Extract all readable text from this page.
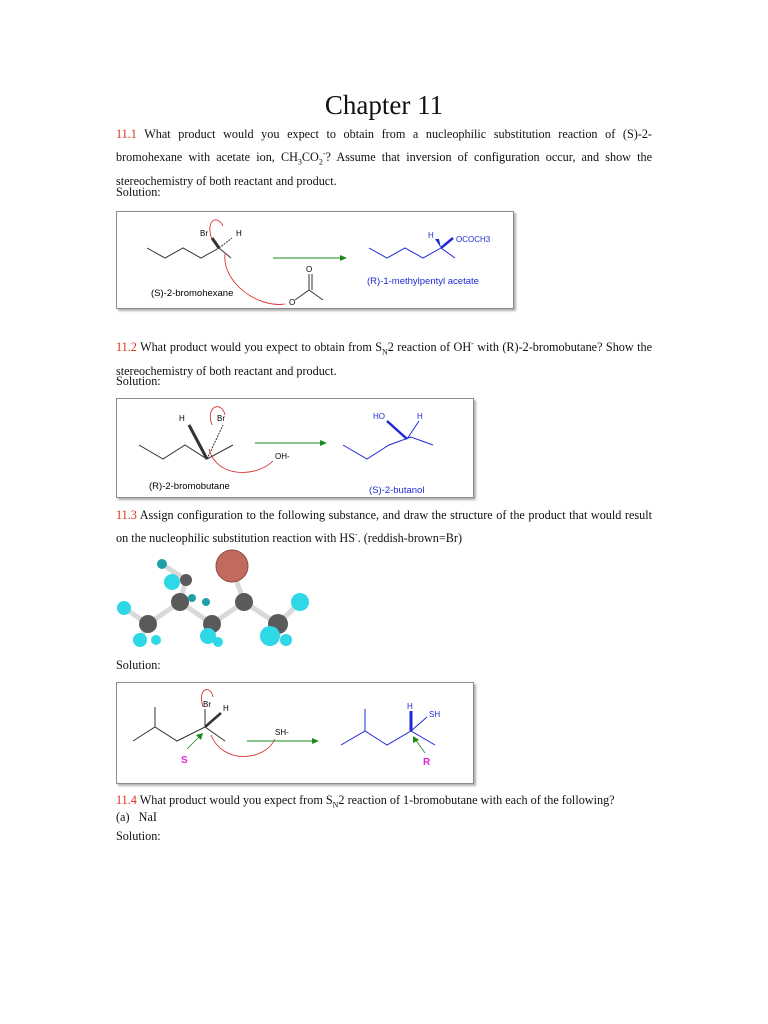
Chapter 11
11.1 What product would you expect to obtain from a nucleophilic substitution reaction of (S)-2-bromohexane with acetate ion, $CH_3CO_2^-$? Assume that inversion of configuration occur, and show the stereochemistry of both reactant and product.
Solution:
Br	H
O
O
(S)-2-bromohexane
H	OCOCH3
(R)-1-methylpentyl acetate
11.2 What product would you expect to obtain from $S_N2$ reaction of OH- with (R)-2-bromobutane? Show the stereochemistry of both reactant and product.
Solution:
H	Br
OH-
(R)-2-bromobutane
HO	H
(S)-2-butanol
11.3 Assign configuration to the following substance, and draw the structure of the product that would result on the nucleophilic substitution reaction with HS-. (reddish-brown=Br)
Solution:
Br H
S
SH-
H
SH
R
11.4 What product would you expect from $S_N2$ reaction of 1-bromobutane with each of the following?
(a)   NaI
Solution:
